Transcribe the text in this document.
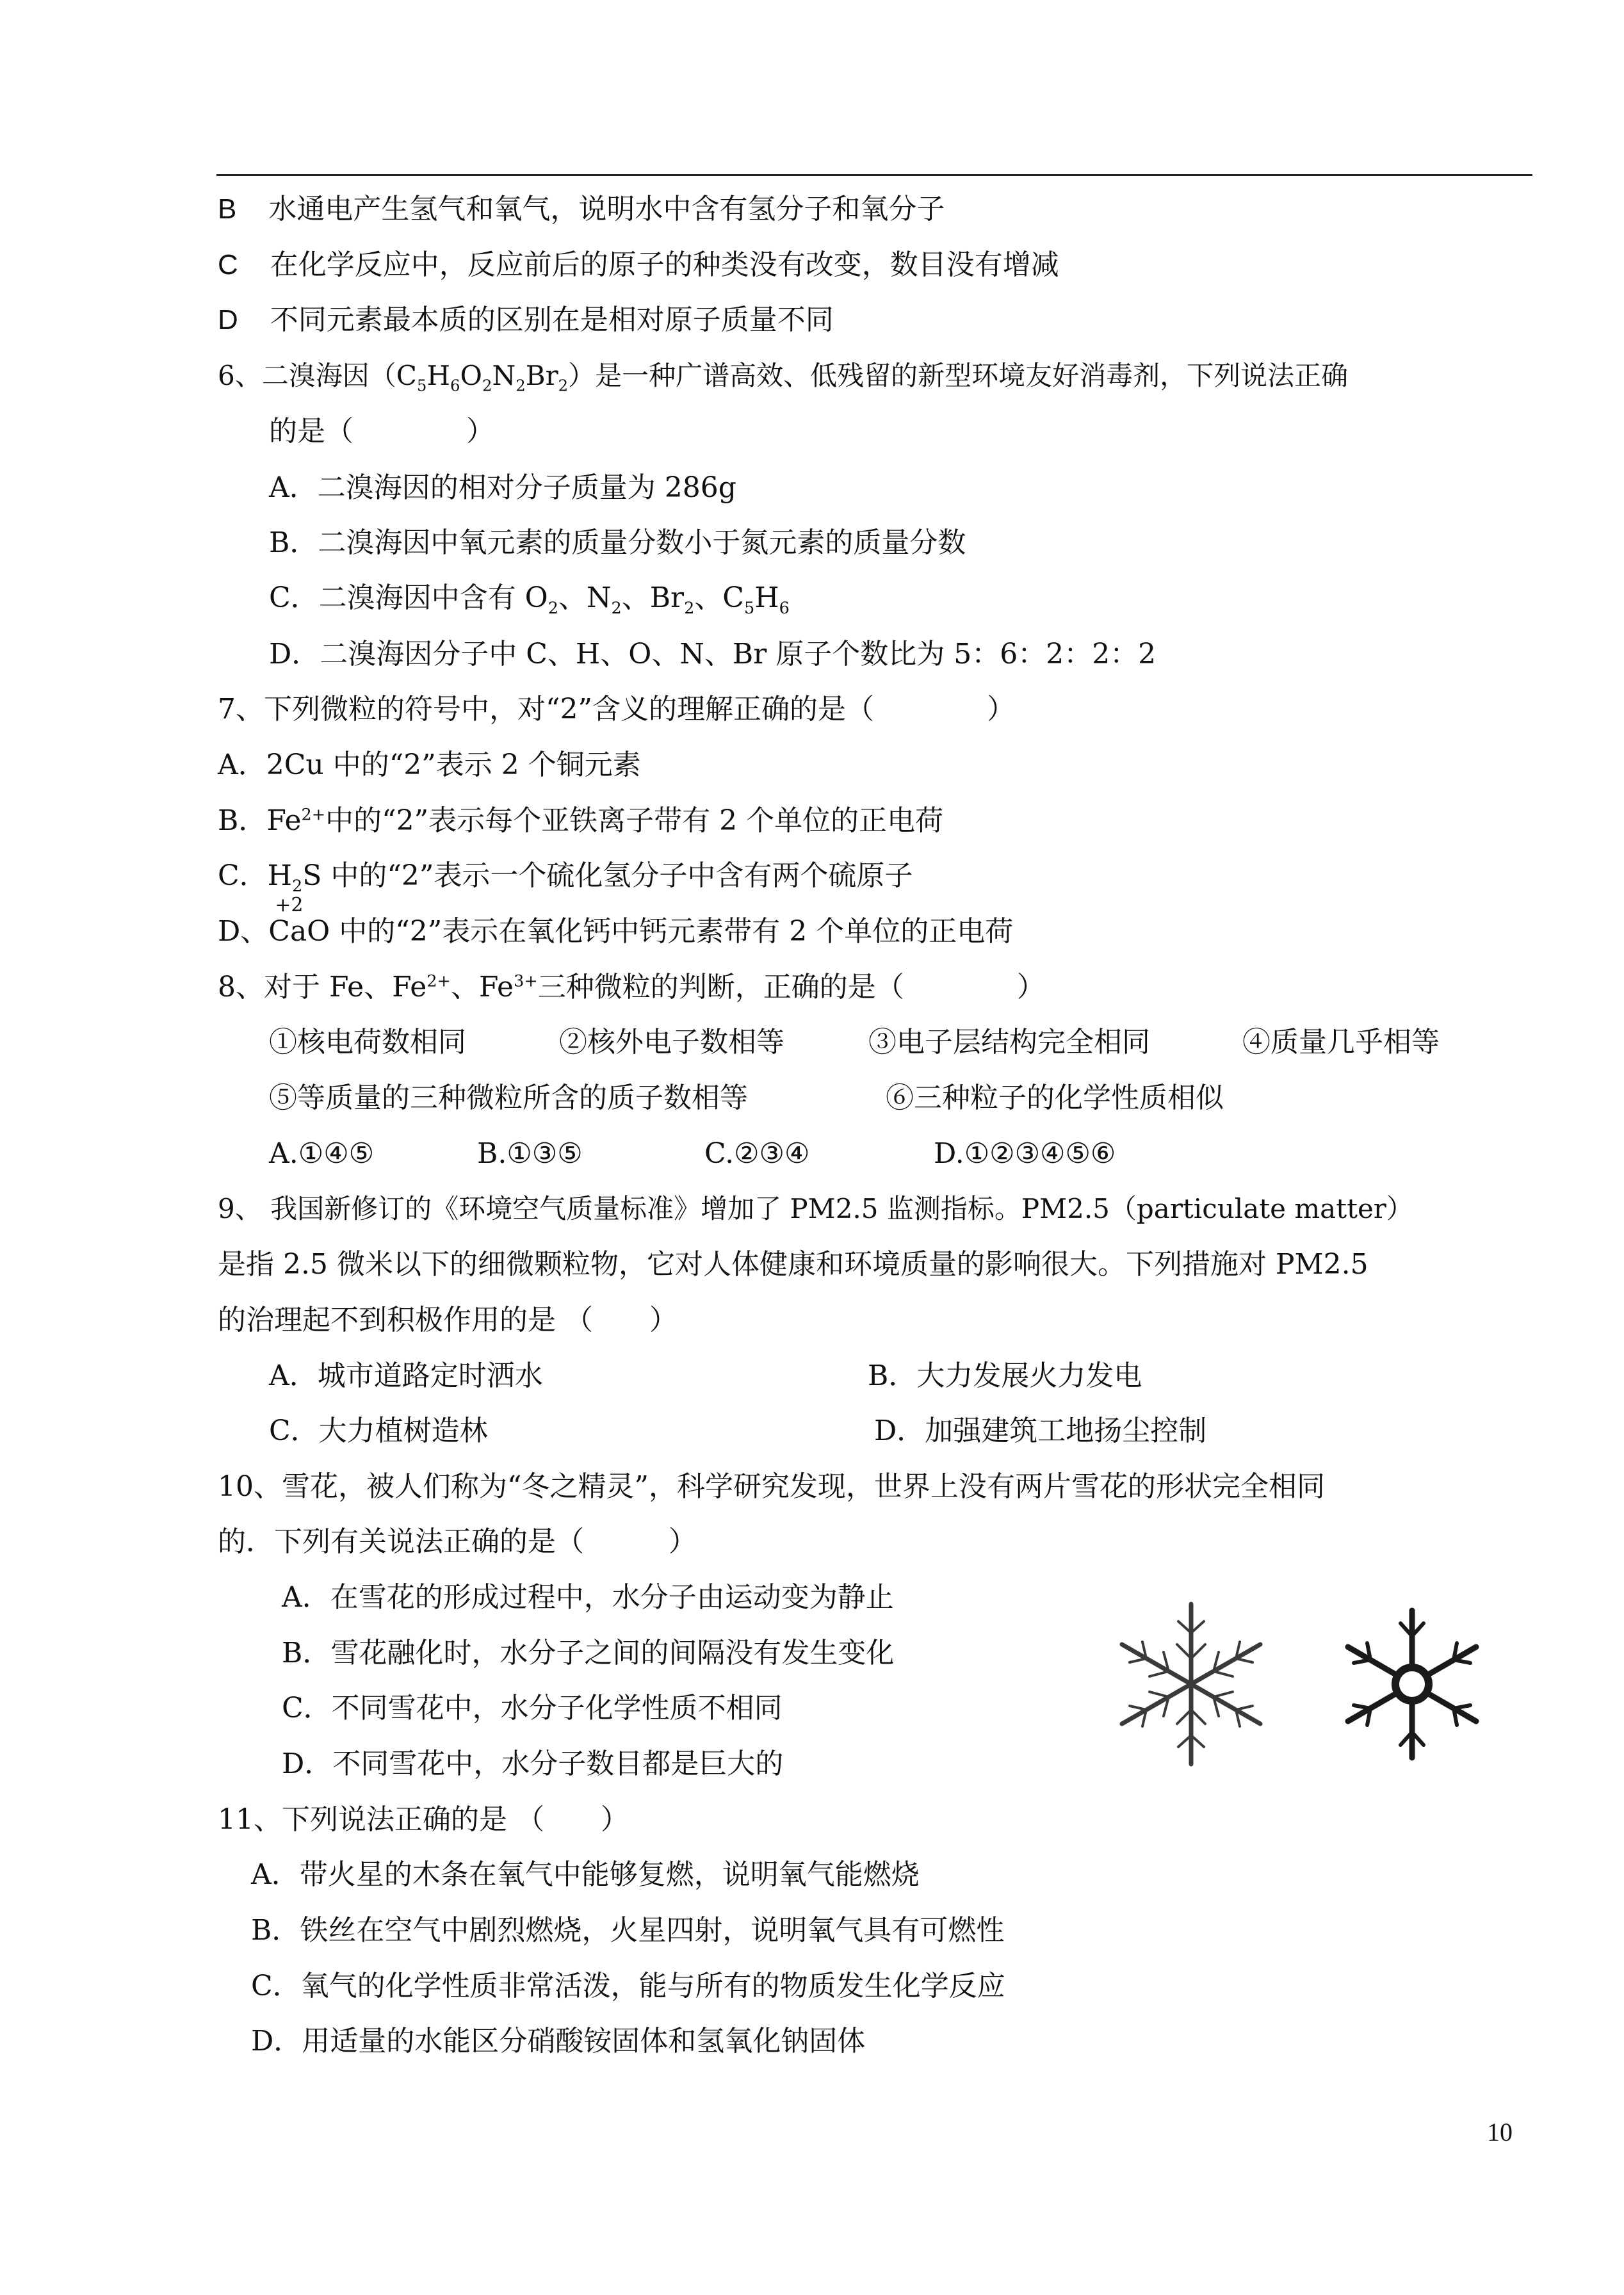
B 水通电产生氢气和氧气，说明水中含有氢分子和氧分子
C 在化学反应中，反应前后的原子的种类没有改变，数目没有增减
D 不同元素最本质的区别在是相对原子质量不同
6、二溴海因$(C_5H_6O_2N_2Br_2)$是一种广谱高效、低残留的新型环境友好消毒剂，下列说法正确
的是（　　　　）
A．二溴海因的相对分子质量为 286g
B．二溴海因中氧元素的质量分数小于氮元素的质量分数
C．二溴海因中含有 $O_2$、$N_2$、$Br_2$、$C_5H_6$
D．二溴海因分子中 C、H、O、N、Br 原子个数比为 5：6：2：2：2
7、下列微粒的符号中，对“2”含义的理解正确的是（　　　　）
A．2Cu 中的“2”表示 2 个铜元素
B．$Fe^{2+}$中的“2”表示每个亚铁离子带有 2 个单位的正电荷
C．$H_2S$ 中的“2”表示一个硫化氢分子中含有两个硫原子
D、
+2
CaO 中的“2”表示在氧化钙中钙元素带有 2 个单位的正电荷
8、对于 Fe、$Fe^{2+}$、$Fe^{3+}$三种微粒的判断，正确的是（　　　　）
①核电荷数相同	②核外电子数相等	③电子层结构完全相同	④质量几乎相等
⑤等质量的三种微粒所含的质子数相等	⑥三种粒子的化学性质相似
A.①④⑤	B.①③⑤	C.②③④	D.①②③④⑤⑥
9、 我国新修订的《环境空气质量标准》增加了 PM2.5 监测指标。PM2.5（particulate matter）
是指 2.5 微米以下的细微颗粒物，它对人体健康和环境质量的影响很大。下列措施对 PM2.5
的治理起不到积极作用的是 （　　）
A．城市道路定时洒水	B．大力发展火力发电
C．大力植树造林	D．加强建筑工地扬尘控制
10、雪花，被人们称为“冬之精灵”，科学研究发现，世界上没有两片雪花的形状完全相同
的．下列有关说法正确的是（　　　）
A．在雪花的形成过程中，水分子由运动变为静止
B．雪花融化时，水分子之间的间隔没有发生变化
C．不同雪花中，水分子化学性质不相同
D．不同雪花中，水分子数目都是巨大的
11、下列说法正确的是 （　　）
A．带火星的木条在氧气中能够复燃，说明氧气能燃烧
B．铁丝在空气中剧烈燃烧，火星四射，说明氧气具有可燃性
C．氧气的化学性质非常活泼，能与所有的物质发生化学反应
D．用适量的水能区分硝酸铵固体和氢氧化钠固体
10
